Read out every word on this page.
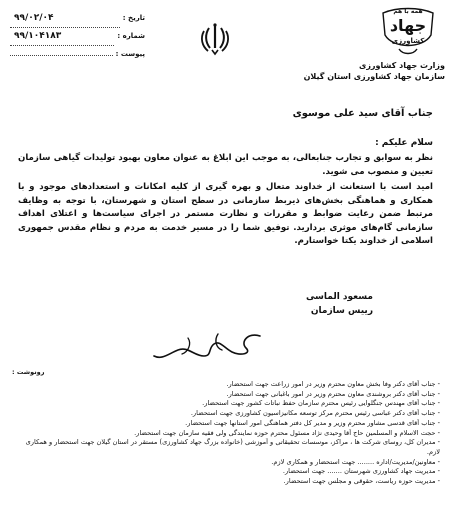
تاریخ :
۹۹/۰۲/۰۴
شماره :
۹۹/۱۰۴۱۸۳
پیوست :
همه با هم
جهاد
کشاورزی
وزارت جهاد کشاورزی
سازمان جهاد کشاورزی استان گیلان
جناب آقای سید علی موسوی
سلام علیکم :
نظر به سوابق و تجارب جنابعالی، به موجب این ابلاغ به عنوان معاون بهبود تولیدات گیاهی سازمان تعیین و منصوب می شوید.
امید است با استعانت از خداوند متعال و بهره گیری از کلیه امکانات و استعدادهای موجود و با همکاری و هماهنگی بخش‌های ذیربط سازمانی در سطح استان و شهرستان، با توجه به وظایف مرتبط ضمن رعایت ضوابط و مقررات و نظارت مستمر در اجرای سیاست‌ها و اعتلای اهداف سازمانی گام‌های موثری بردارید. توفیق شما را در مسیر خدمت به مردم و نظام مقدس جمهوری اسلامی از خداوند یکتا خواستارم.
مسعود الماسی
رییس سازمان
رونوشت :
- جناب آقای دکتر وفا بخش معاون محترم وزیر در امور زراعت جهت استحضار.
- جناب آقای دکتر بروشندی معاون محترم وزیر در امور باغبانی جهت استحضار.
- جناب آقای مهندس جنگلوایی رئیس محترم سازمان حفظ نباتات کشور جهت استحضار.
- جناب آقای دکتر عباسی رئیس محترم مرکز توسعه مکانیزاسیون کشاورزی جهت استحضار.
- جناب آقای قدسی مشاور محترم وزیر و مدیر کل دفتر هماهنگی امور استانها جهت استحضار.
- حجت الاسلام و المسلمین حاج آقا وحیدی نژاد مسئول محترم حوزه نمایندگی ولی فقیه سازمان جهت استحضار.
- مدیران کل، روسای شرکت ها ، مراکز، موسسات تحقیقاتی و آموزشی (خانواده بزرگ جهاد کشاورزی) مستقر در استان گیلان جهت استحضار و همکاری لازم.
- معاونین/مدیریت/اداره ........ جهت استحضار و همکاری لازم.
- مدیریت جهاد کشاورزی شهرستان ....... جهت استحضار.
- مدیریت حوزه ریاست، حقوقی و مجلس جهت استحضار.
